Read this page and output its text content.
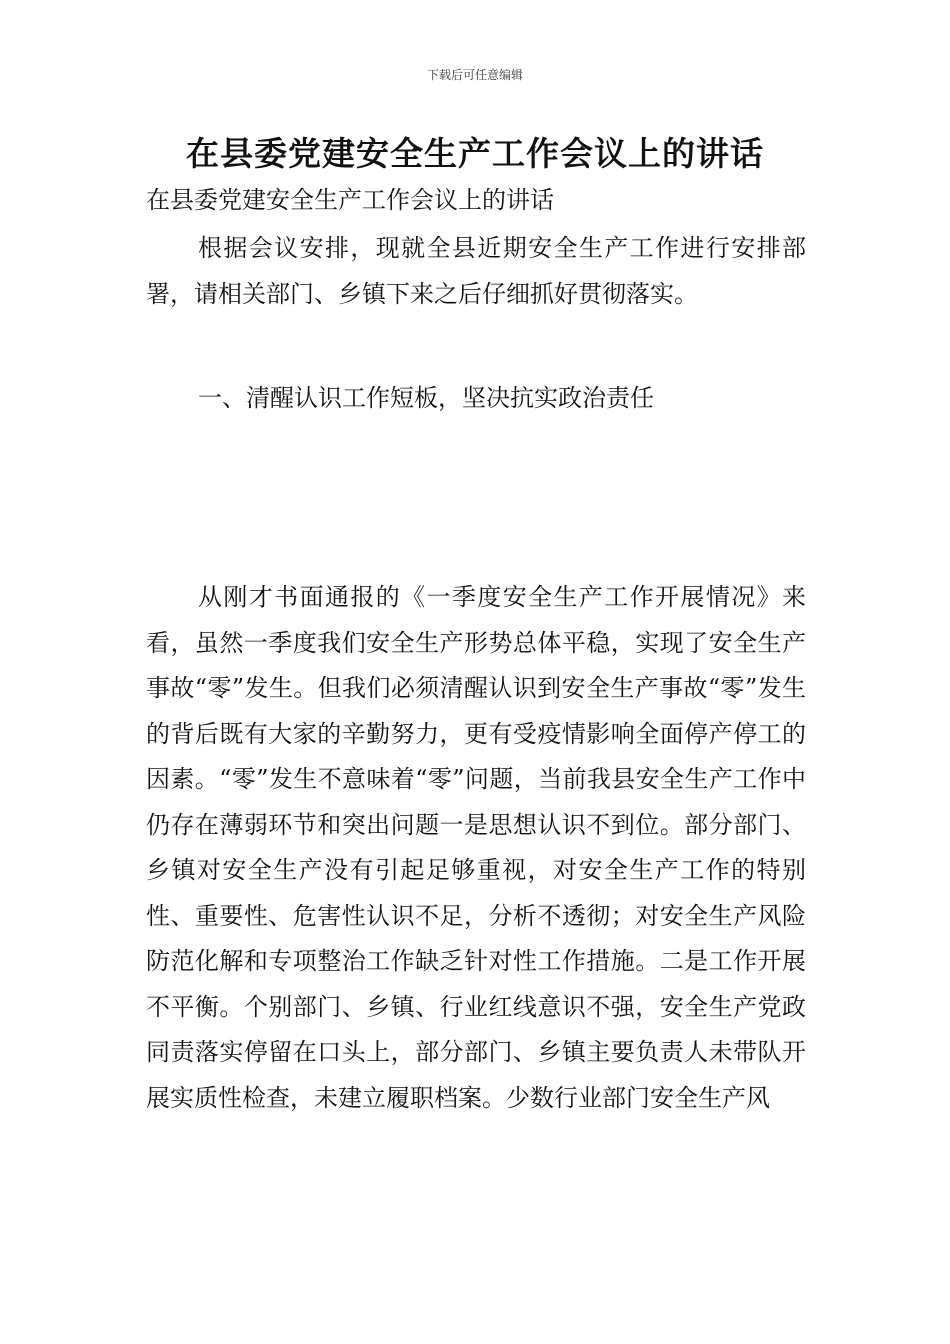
下载后可任意编辑
在县委党建安全生产工作会议上的讲话

在县委党建安全生产工作会议上的讲话

根据会议安排，现就全县近期安全生产工作进行安排部署，请相关部门、乡镇下来之后仔细抓好贯彻落实。

一、清醒认识工作短板，坚决抗实政治责任

从刚才书面通报的《一季度安全生产工作开展情况》来看，虽然一季度我们安全生产形势总体平稳，实现了安全生产事故“零”发生。但我们必须清醒认识到安全生产事故“零”发生的背后既有大家的辛勤努力，更有受疫情影响全面停产停工的因素。“零”发生不意味着“零”问题，当前我县安全生产工作中仍存在薄弱环节和突出问题一是思想认识不到位。部分部门、乡镇对安全生产没有引起足够重视，对安全生产工作的特别性、重要性、危害性认识不足，分析不透彻；对安全生产风险防范化解和专项整治工作缺乏针对性工作措施。二是工作开展不平衡。个别部门、乡镇、行业红线意识不强，安全生产党政同责落实停留在口头上，部分部门、乡镇主要负责人未带队开展实质性检查，未建立履职档案。少数行业部门安全生产风
